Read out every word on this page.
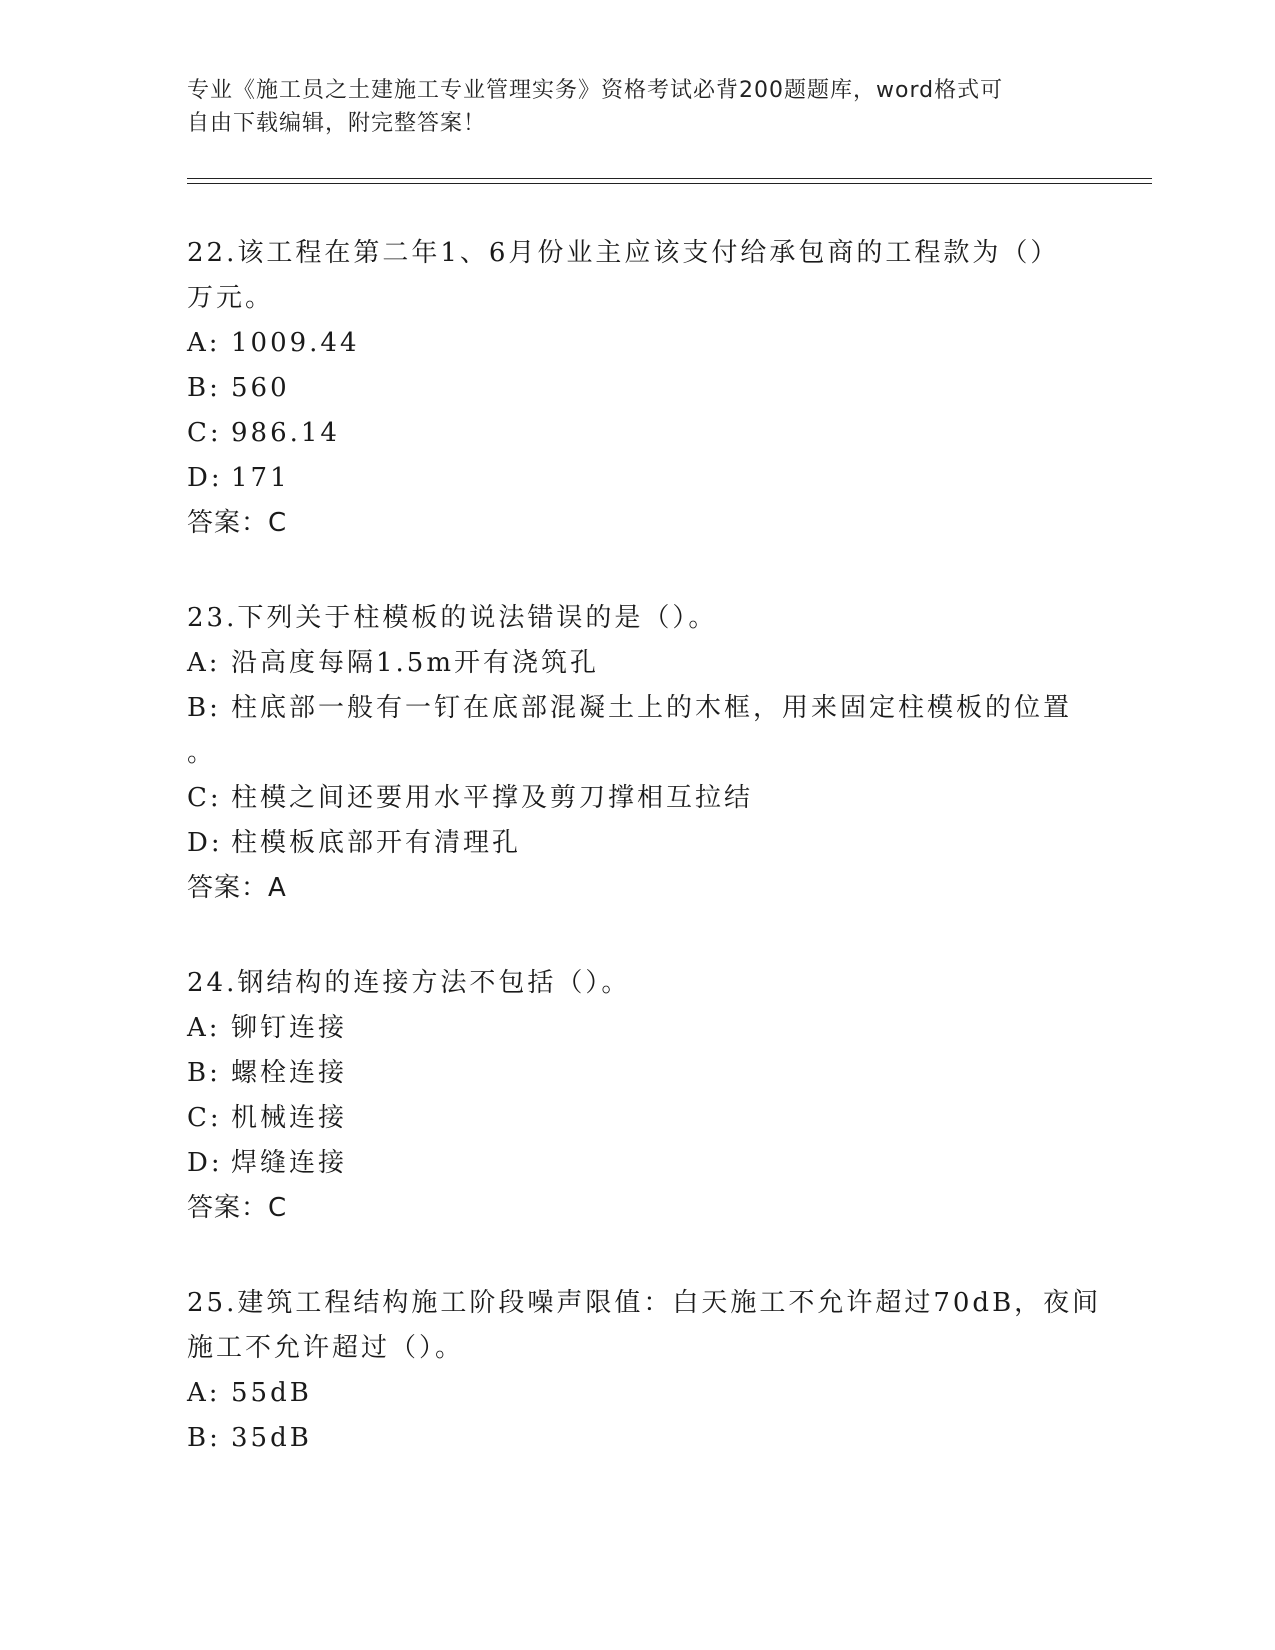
专业《施工员之土建施工专业管理实务》资格考试必背200题题库，word格式可
自由下载编辑，附完整答案！
22.该工程在第二年1、6月份业主应该支付给承包商的工程款为（）
万元。
A: 1009.44
B: 560
C: 986.14
D: 171
答案：C
23.下列关于柱模板的说法错误的是（）。
A: 沿高度每隔1.5m开有浇筑孔
B: 柱底部一般有一钉在底部混凝土上的木框，用来固定柱模板的位置
。
C: 柱模之间还要用水平撑及剪刀撑相互拉结
D: 柱模板底部开有清理孔
答案：A
24.钢结构的连接方法不包括（）。
A: 铆钉连接
B: 螺栓连接
C: 机械连接
D: 焊缝连接
答案：C
25.建筑工程结构施工阶段噪声限值：白天施工不允许超过70dB，夜间
施工不允许超过（）。
A: 55dB
B: 35dB
